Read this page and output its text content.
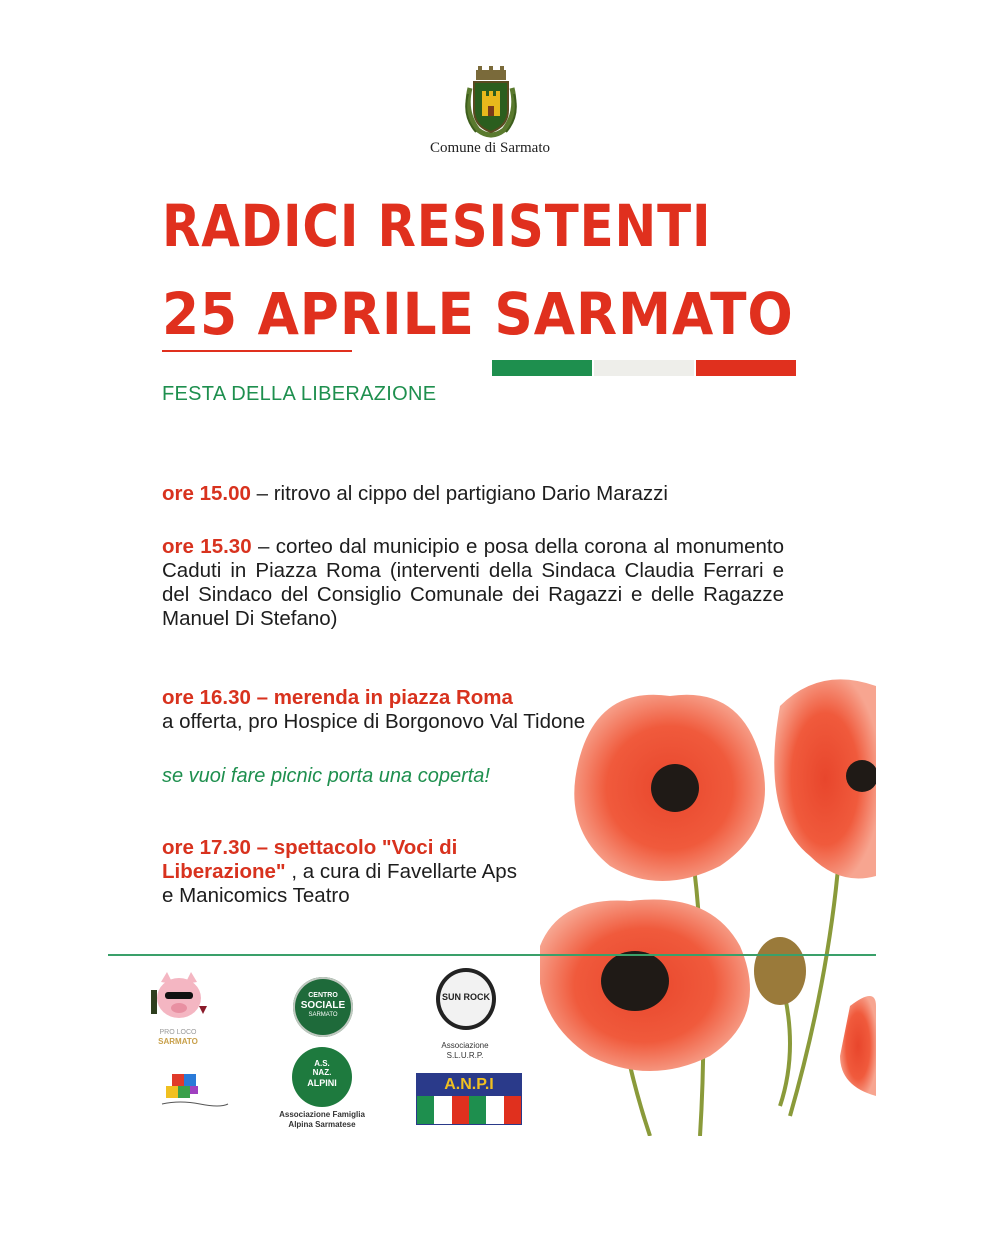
Comune di Sarmato
RADICI RESISTENTI
25 APRILE SARMATO
FESTA DELLA LIBERAZIONE
ore 15.00 – ritrovo al cippo del partigiano Dario Marazzi
ore 15.30 – corteo dal municipio e posa della corona al monumento Caduti in Piazza Roma (interventi della Sindaca Claudia Ferrari e del Sindaco del Consiglio Comunale dei Ragazzi e delle Ragazze Manuel Di Stefano)
ore 16.30 – merenda in piazza Roma
a offerta, pro Hospice di Borgonovo Val Tidone
se vuoi fare picnic porta una coperta!
ore 17.30 – spettacolo "Voci di Liberazione" , a cura di Favellarte Aps e Manicomics Teatro
PRO LOCO
SARMATO
CENTRO
SOCIALE
SARMATO
SUN ROCK
Associazione
S.L.U.R.P.
A.S.
NAZ.
ALPINI
Associazione Famiglia
Alpina Sarmatese
A.N.P.I
